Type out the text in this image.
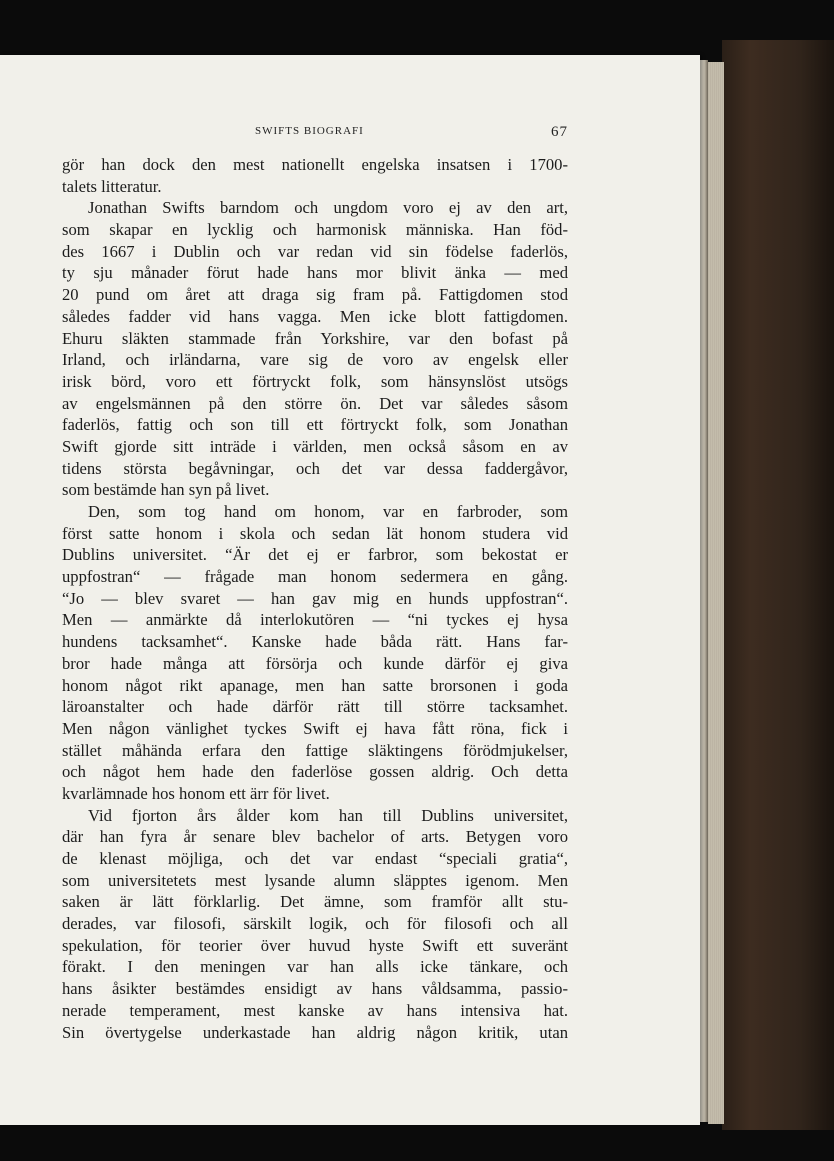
SWIFTS BIOGRAFI	67
gör han dock den mest nationellt engelska insatsen i 1700-
talets litteratur.
Jonathan Swifts barndom och ungdom voro ej av den art,
som skapar en lycklig och harmonisk människa. Han föd-
des 1667 i Dublin och var redan vid sin födelse faderlös,
ty sju månader förut hade hans mor blivit änka — med
20 pund om året att draga sig fram på. Fattigdomen stod
således fadder vid hans vagga. Men icke blott fattigdomen.
Ehuru släkten stammade från Yorkshire, var den bofast på
Irland, och irländarna, vare sig de voro av engelsk eller
irisk börd, voro ett förtryckt folk, som hänsynslöst utsögs
av engelsmännen på den större ön. Det var således såsom
faderlös, fattig och son till ett förtryckt folk, som Jonathan
Swift gjorde sitt inträde i världen, men också såsom en av
tidens största begåvningar, och det var dessa faddergåvor,
som bestämde han syn på livet.
Den, som tog hand om honom, var en farbroder, som
först satte honom i skola och sedan lät honom studera vid
Dublins universitet. “Är det ej er farbror, som bekostat er
uppfostran“ — frågade man honom sedermera en gång.
“Jo — blev svaret — han gav mig en hunds uppfostran“.
Men — anmärkte då interlokutören — “ni tyckes ej hysa
hundens tacksamhet“. Kanske hade båda rätt. Hans far-
bror hade många att försörja och kunde därför ej giva
honom något rikt apanage, men han satte brorsonen i goda
läroanstalter och hade därför rätt till större tacksamhet.
Men någon vänlighet tyckes Swift ej hava fått röna, fick i
stället måhända erfara den fattige släktingens förödmjukelser,
och något hem hade den faderlöse gossen aldrig. Och detta
kvarlämnade hos honom ett ärr för livet.
Vid fjorton års ålder kom han till Dublins universitet,
där han fyra år senare blev bachelor of arts. Betygen voro
de klenast möjliga, och det var endast “speciali gratia“,
som universitetets mest lysande alumn släpptes igenom. Men
saken är lätt förklarlig. Det ämne, som framför allt stu-
derades, var filosofi, särskilt logik, och för filosofi och all
spekulation, för teorier över huvud hyste Swift ett suveränt
förakt. I den meningen var han alls icke tänkare, och
hans åsikter bestämdes ensidigt av hans våldsamma, passio-
nerade temperament, mest kanske av hans intensiva hat.
Sin övertygelse underkastade han aldrig någon kritik, utan
